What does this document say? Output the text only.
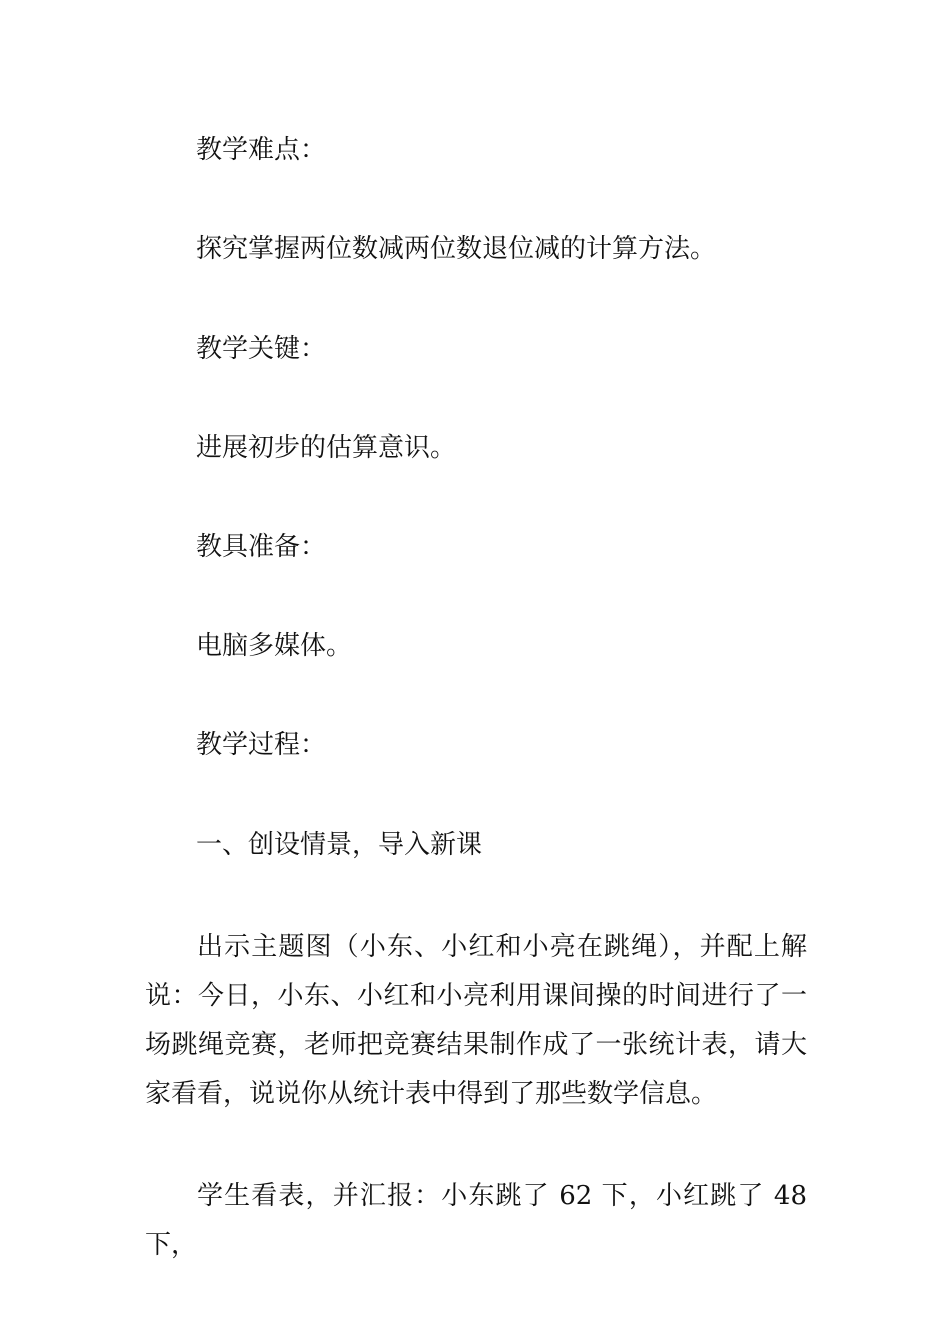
教学难点：

探究掌握两位数减两位数退位减的计算方法。

教学关键：

进展初步的估算意识。

教具准备：

电脑多媒体。

教学过程：

一、创设情景，导入新课

出示主题图（小东、小红和小亮在跳绳），并配上解说：今日，小东、小红和小亮利用课间操的时间进行了一场跳绳竞赛，老师把竞赛结果制作成了一张统计表，请大家看看，说说你从统计表中得到了那些数学信息。

学生看表，并汇报：小东跳了 62 下，小红跳了 48 下，
